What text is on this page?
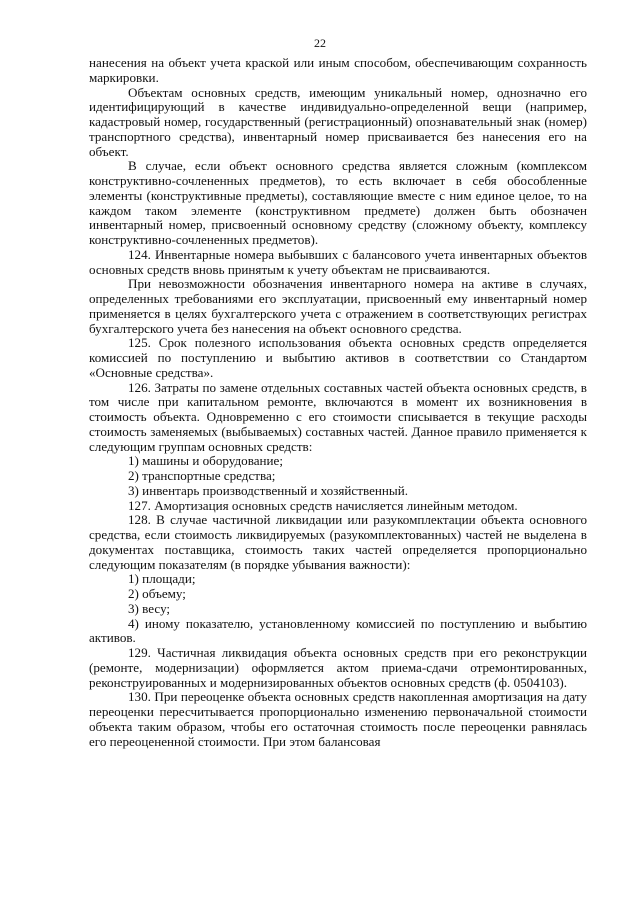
22

нанесения на объект учета краской или иным способом, обеспечивающим сохранность маркировки.

Объектам основных средств, имеющим уникальный номер, однозначно его идентифицирующий в качестве индивидуально-определенной вещи (например, кадастровый номер, государственный (регистрационный) опознавательный знак (номер) транспортного средства), инвентарный номер присваивается без нанесения его на объект.

В случае, если объект основного средства является сложным (комплексом конструктивно-сочлененных предметов), то есть включает в себя обособленные элементы (конструктивные предметы), составляющие вместе с ним единое целое, то на каждом таком элементе (конструктивном предмете) должен быть обозначен инвентарный номер, присвоенный основному средству (сложному объекту, комплексу конструктивно-сочлененных предметов).

124. Инвентарные номера выбывших с балансового учета инвентарных объектов основных средств вновь принятым к учету объектам не присваиваются.

При невозможности обозначения инвентарного номера на активе в случаях, определенных требованиями его эксплуатации, присвоенный ему инвентарный номер применяется в целях бухгалтерского учета с отражением в соответствующих регистрах бухгалтерского учета без нанесения на объект основного средства.

125. Срок полезного использования объекта основных средств определяется комиссией по поступлению и выбытию активов в соответствии со Стандартом «Основные средства».

126. Затраты по замене отдельных составных частей объекта основных средств, в том числе при капитальном ремонте, включаются в момент их возникновения в стоимость объекта. Одновременно с его стоимости списывается в текущие расходы стоимость заменяемых (выбываемых) составных частей. Данное правило применяется к следующим группам основных средств:

1) машины и оборудование;

2) транспортные средства;

3) инвентарь производственный и хозяйственный.

127. Амортизация основных средств начисляется линейным методом.

128. В случае частичной ликвидации или разукомплектации объекта основного средства, если стоимость ликвидируемых (разукомплектованных) частей не выделена в документах поставщика, стоимость таких частей определяется пропорционально следующим показателям (в порядке убывания важности):

1) площади;

2) объему;

3) весу;

4) иному показателю, установленному комиссией по поступлению и выбытию активов.

129. Частичная ликвидация объекта основных средств при его реконструкции (ремонте, модернизации) оформляется актом приема-сдачи отремонтированных, реконструированных и модернизированных объектов основных средств (ф. 0504103).

130. При переоценке объекта основных средств накопленная амортизация на дату переоценки пересчитывается пропорционально изменению первоначальной стоимости объекта таким образом, чтобы его остаточная стоимость после переоценки равнялась его переоцененной стоимости. При этом балансовая
